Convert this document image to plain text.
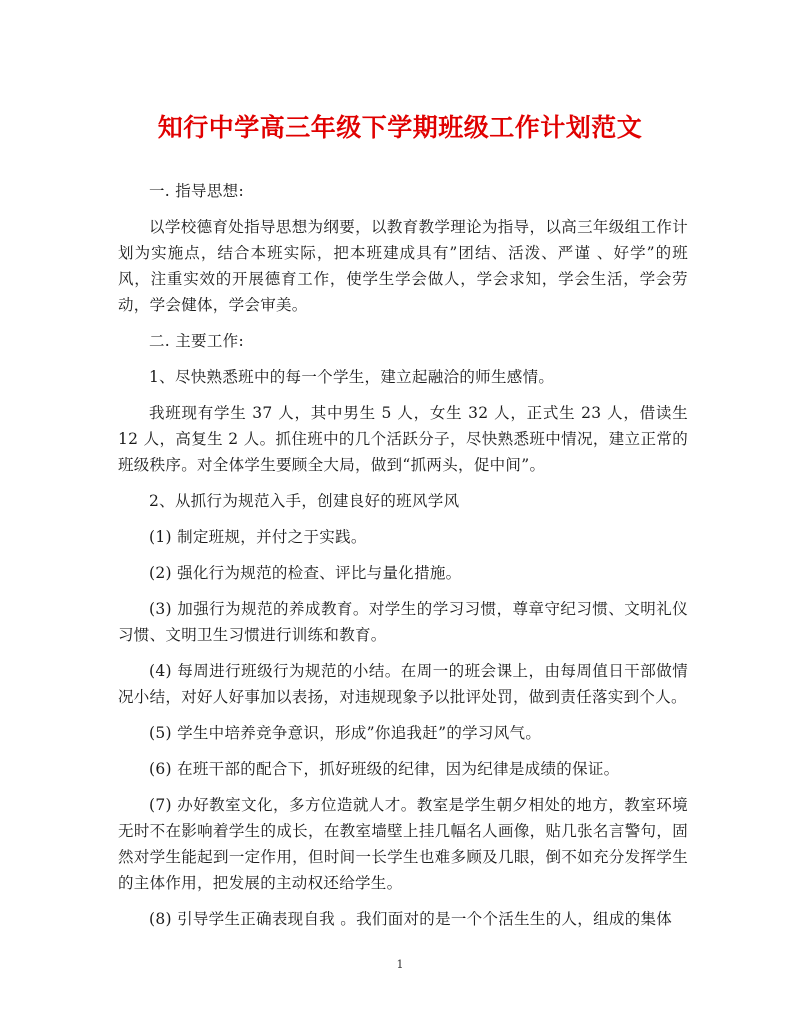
知行中学高三年级下学期班级工作计划范文

一. 指导思想:

以学校德育处指导思想为纲要，以教育教学理论为指导，以高三年级组工作计划为实施点，结合本班实际，把本班建成具有”团结、活泼、严谨 、好学”的班风，注重实效的开展德育工作，使学生学会做人，学会求知，学会生活，学会劳动，学会健体，学会审美。

二. 主要工作:

1、尽快熟悉班中的每一个学生，建立起融洽的师生感情。

我班现有学生 37 人，其中男生 5 人，女生 32 人，正式生 23 人，借读生 12 人，高复生 2 人。抓住班中的几个活跃分子，尽快熟悉班中情况，建立正常的班级秩序。对全体学生要顾全大局，做到“抓两头，促中间”。

2、从抓行为规范入手，创建良好的班风学风

(1) 制定班规，并付之于实践。

(2) 强化行为规范的检查、评比与量化措施。

(3) 加强行为规范的养成教育。对学生的学习习惯，尊章守纪习惯、文明礼仪习惯、文明卫生习惯进行训练和教育。

(4) 每周进行班级行为规范的小结。在周一的班会课上，由每周值日干部做情况小结，对好人好事加以表扬，对违规现象予以批评处罚，做到责任落实到个人。

(5) 学生中培养竞争意识，形成”你追我赶”的学习风气。

(6) 在班干部的配合下，抓好班级的纪律，因为纪律是成绩的保证。

(7) 办好教室文化，多方位造就人才。教室是学生朝夕相处的地方，教室环境无时不在影响着学生的成长，在教室墙壁上挂几幅名人画像，贴几张名言警句，固然对学生能起到一定作用，但时间一长学生也难多顾及几眼，倒不如充分发挥学生的主体作用，把发展的主动权还给学生。

(8) 引导学生正确表现自我 。我们面对的是一个个活生生的人，组成的集体

1
